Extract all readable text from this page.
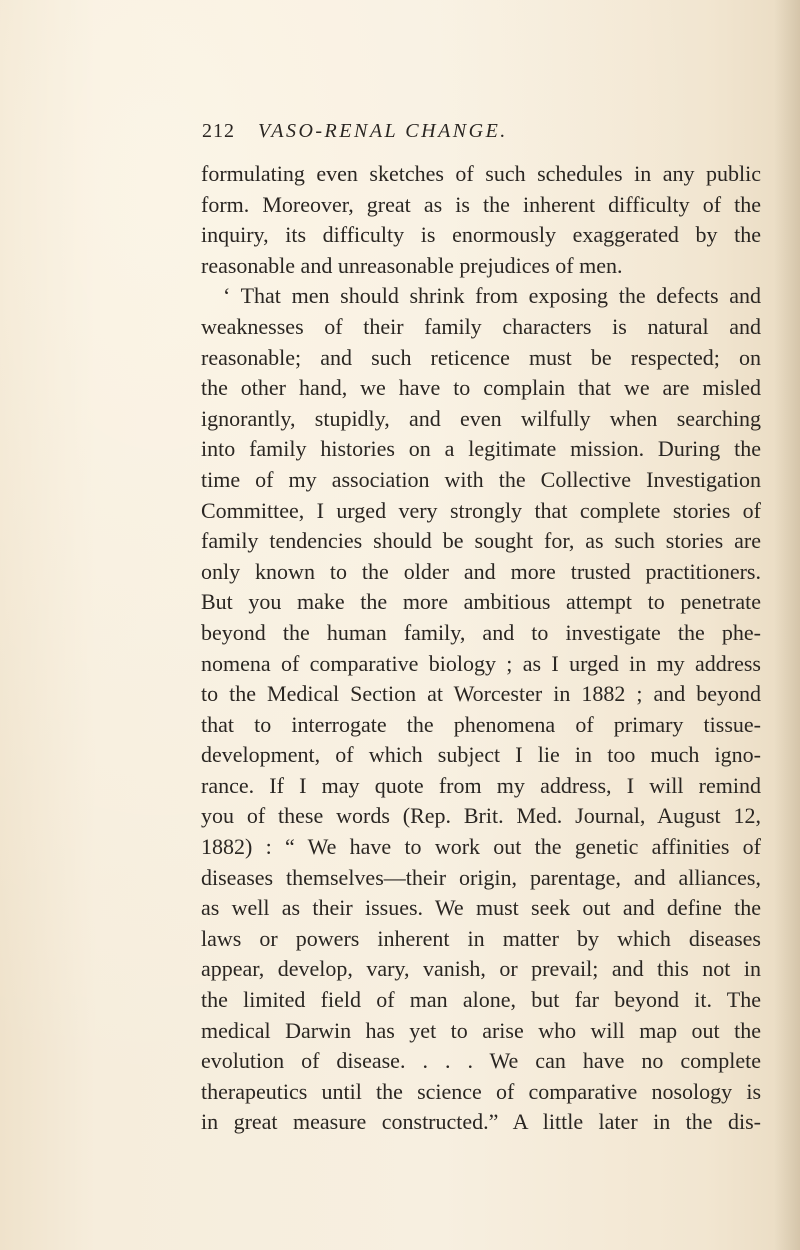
212 VASO-RENAL CHANGE.
formulating even sketches of such schedules in any public
form. Moreover, great as is the inherent difficulty of the
inquiry, its difficulty is enormously exaggerated by the
reasonable and unreasonable prejudices of men.
‘ That men should shrink from exposing the defects and
weaknesses of their family characters is natural and
reasonable; and such reticence must be respected; on
the other hand, we have to complain that we are misled
ignorantly, stupidly, and even wilfully when searching
into family histories on a legitimate mission. During the
time of my association with the Collective Investigation
Committee, I urged very strongly that complete stories of
family tendencies should be sought for, as such stories are
only known to the older and more trusted practitioners.
But you make the more ambitious attempt to penetrate
beyond the human family, and to investigate the phe-
nomena of comparative biology ; as I urged in my address
to the Medical Section at Worcester in 1882 ; and beyond
that to interrogate the phenomena of primary tissue-
development, of which subject I lie in too much igno-
rance. If I may quote from my address, I will remind
you of these words (Rep. Brit. Med. Journal, August 12,
1882) : “ We have to work out the genetic affinities of
diseases themselves—their origin, parentage, and alliances,
as well as their issues. We must seek out and define the
laws or powers inherent in matter by which diseases
appear, develop, vary, vanish, or prevail; and this not in
the limited field of man alone, but far beyond it. The
medical Darwin has yet to arise who will map out the
evolution of disease. . . . We can have no complete
therapeutics until the science of comparative nosology is
in great measure constructed.” A little later in the dis-
